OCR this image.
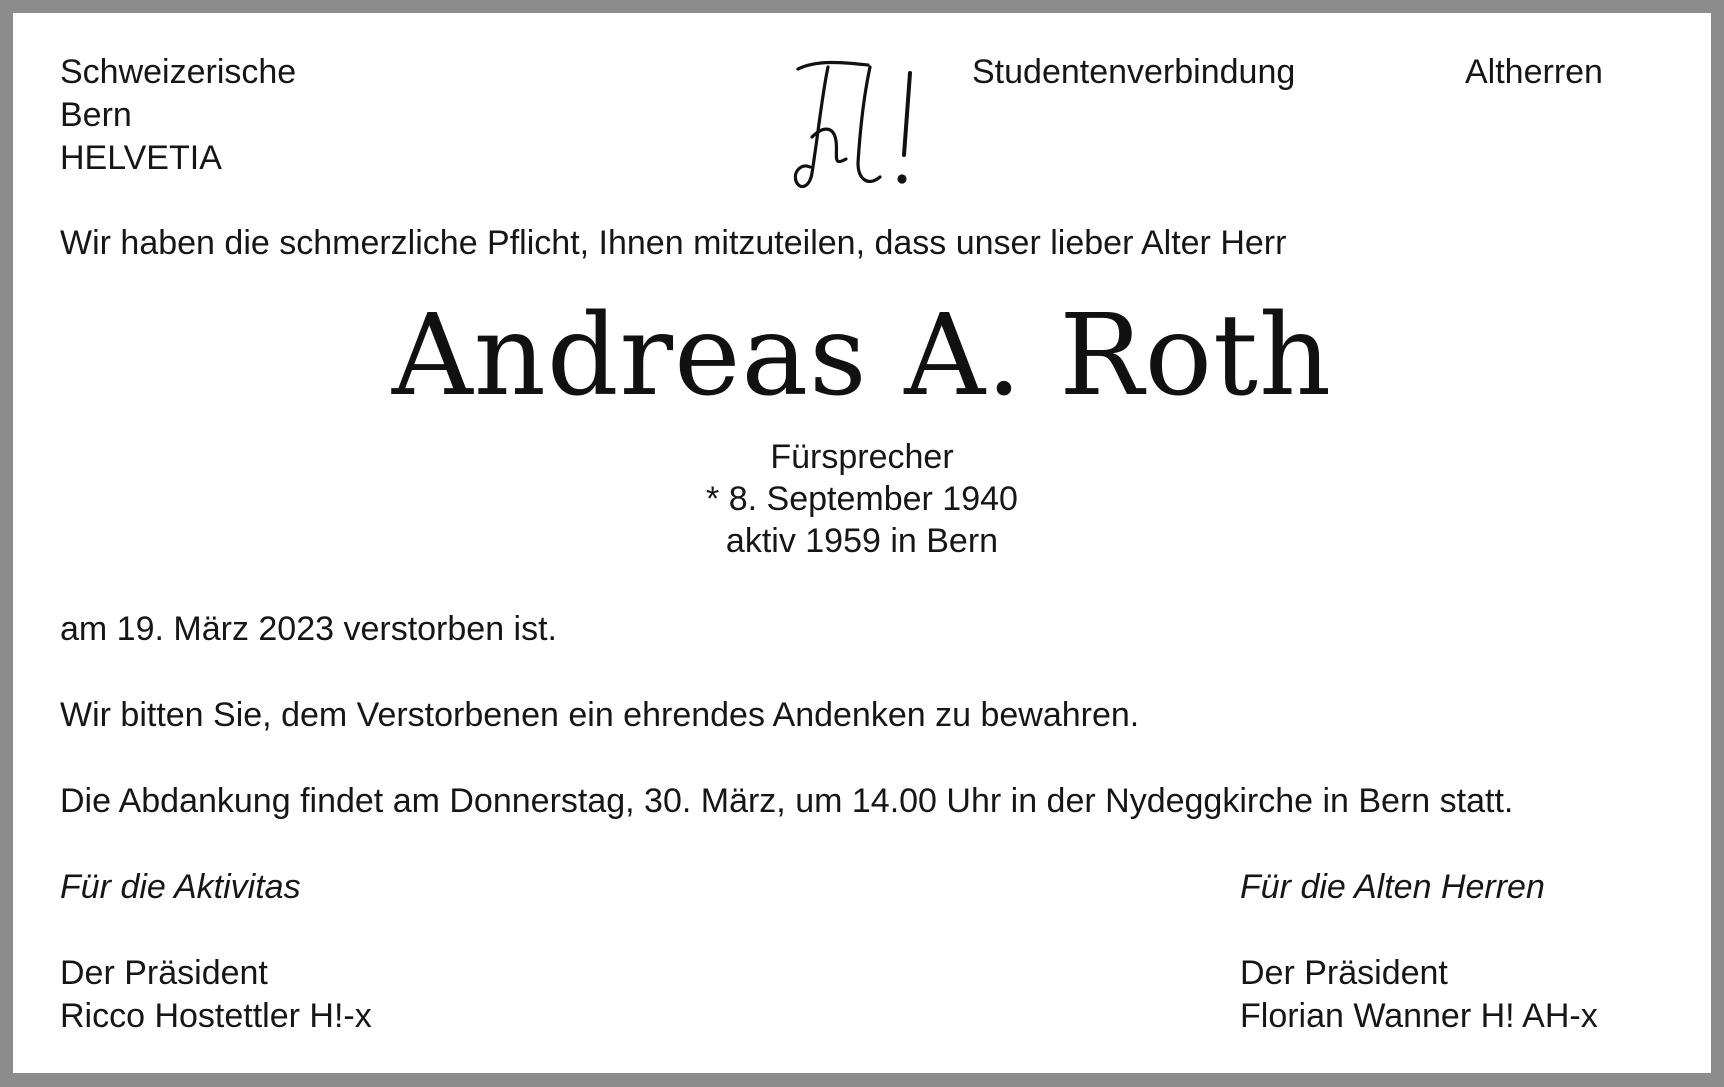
Schweizerische
Bern
HELVETIA
Studentenverbindung	Altherren
Wir haben die schmerzliche Pflicht, Ihnen mitzuteilen, dass unser lieber Alter Herr
Andreas A. Roth
Fürsprecher
* 8. September 1940
aktiv 1959 in Bern
am 19. März 2023 verstorben ist.
Wir bitten Sie, dem Verstorbenen ein ehrendes Andenken zu bewahren.
Die Abdankung findet am Donnerstag, 30. März, um 14.00 Uhr in der Nydeggkirche in Bern statt.
Für die Aktivitas
Der Präsident
Ricco Hostettler H!-x
Für die Alten Herren
Der Präsident
Florian Wanner H! AH-x
